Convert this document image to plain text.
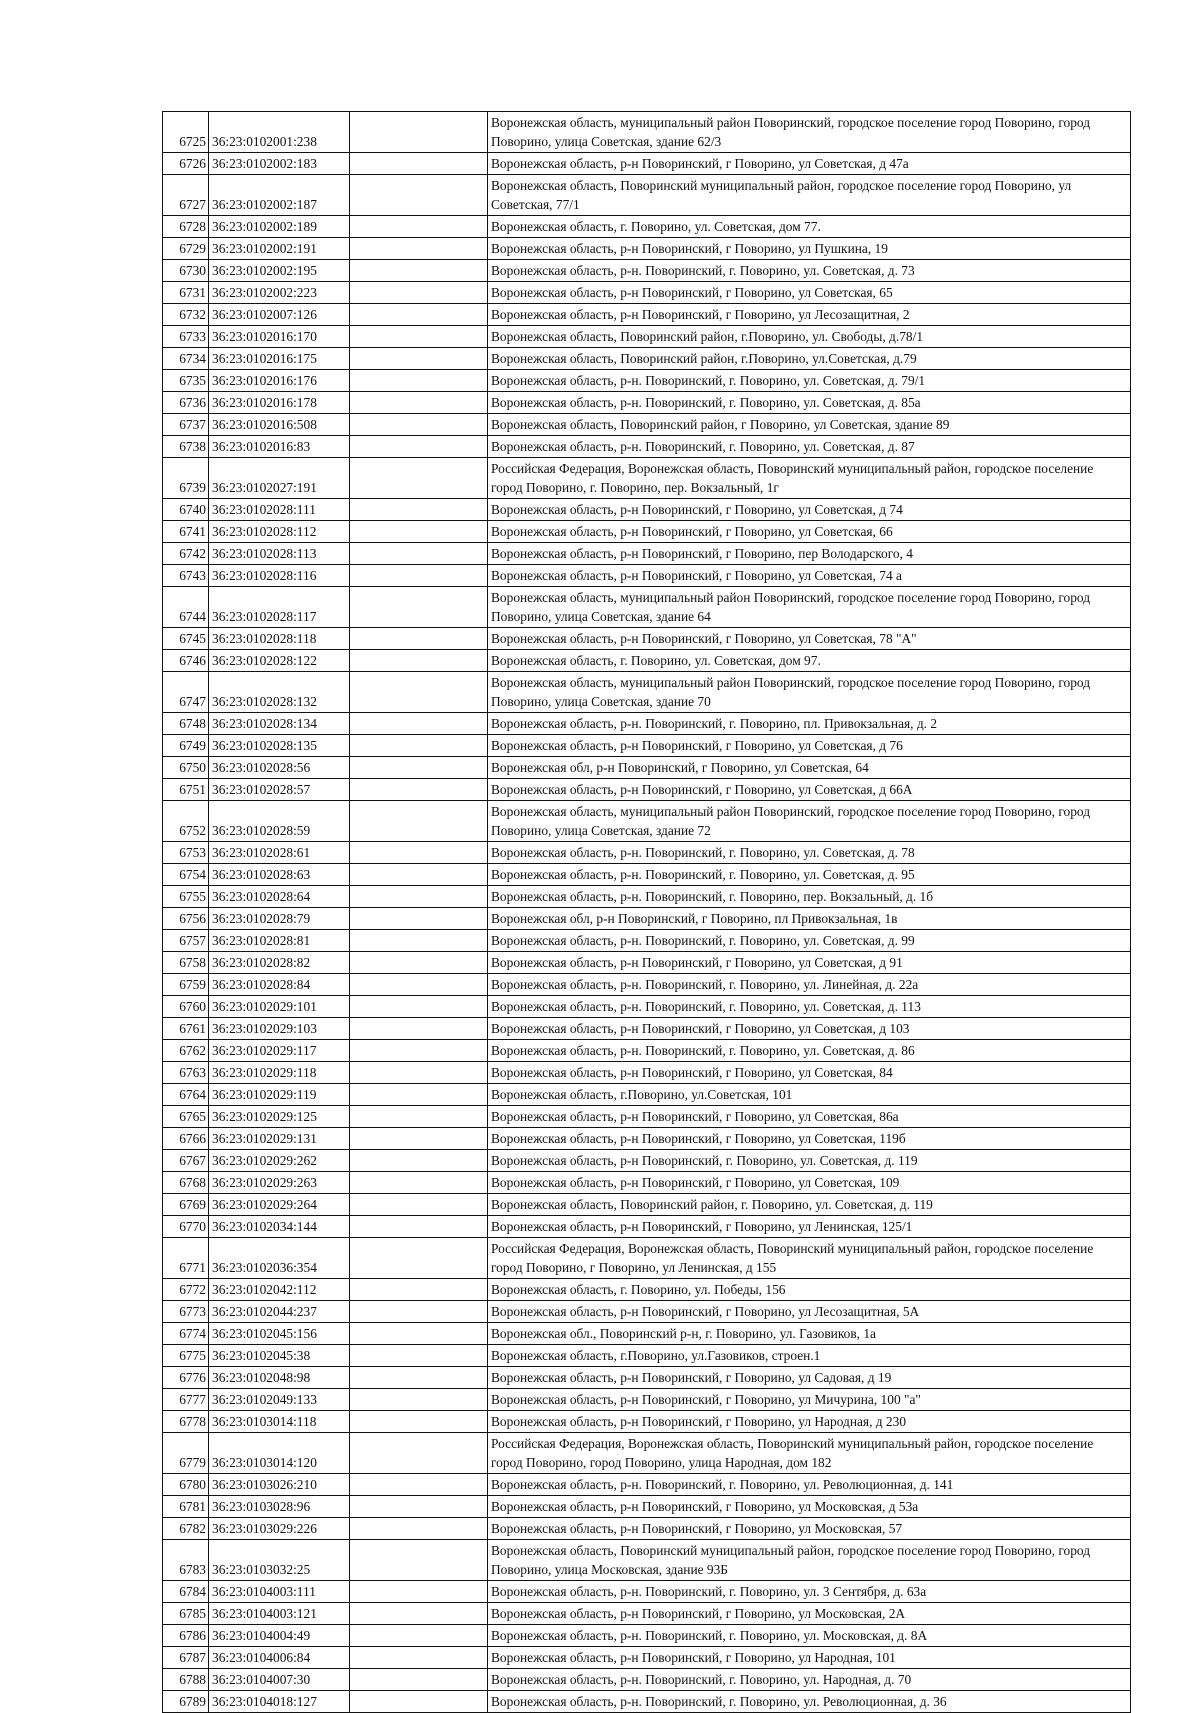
6725	36:23:0102001:238		Воронежская область, муниципальный район Поворинский, городское поселение город Поворино, город Поворино, улица Советская, здание 62/3
6726	36:23:0102002:183		Воронежская область, р-н Поворинский, г Поворино, ул Советская, д 47а
6727	36:23:0102002:187		Воронежская область, Поворинский муниципальный район, городское поселение город Поворино, ул Советская, 77/1
6728	36:23:0102002:189		Воронежская область, г. Поворино, ул. Советская, дом 77.
6729	36:23:0102002:191		Воронежская область, р-н Поворинский, г Поворино, ул Пушкина, 19
6730	36:23:0102002:195		Воронежская область, р-н. Поворинский, г. Поворино, ул. Советская, д. 73
6731	36:23:0102002:223		Воронежская область, р-н Поворинский, г Поворино, ул Советская, 65
6732	36:23:0102007:126		Воронежская область, р-н Поворинский, г Поворино, ул Лесозащитная, 2
6733	36:23:0102016:170		Воронежская область, Поворинский район, г.Поворино, ул. Свободы, д.78/1
6734	36:23:0102016:175		Воронежская область, Поворинский район, г.Поворино, ул.Советская, д.79
6735	36:23:0102016:176		Воронежская область, р-н. Поворинский, г. Поворино, ул. Советская, д. 79/1
6736	36:23:0102016:178		Воронежская область, р-н. Поворинский, г. Поворино, ул. Советская, д. 85а
6737	36:23:0102016:508		Воронежская область, Поворинский район, г Поворино, ул Советская, здание 89
6738	36:23:0102016:83		Воронежская область, р-н. Поворинский, г. Поворино, ул. Советская, д. 87
6739	36:23:0102027:191		Российская Федерация, Воронежская область, Поворинский муниципальный район, городское поселение город Поворино, г. Поворино, пер. Вокзальный, 1г
6740	36:23:0102028:111		Воронежская область, р-н Поворинский, г Поворино, ул Советская, д 74
6741	36:23:0102028:112		Воронежская область, р-н Поворинский, г Поворино, ул Советская, 66
6742	36:23:0102028:113		Воронежская область, р-н Поворинский, г Поворино, пер Володарского, 4
6743	36:23:0102028:116		Воронежская область, р-н Поворинский, г Поворино, ул Советская, 74 а
6744	36:23:0102028:117		Воронежская область, муниципальный район Поворинский, городское поселение город Поворино, город Поворино, улица Советская, здание 64
6745	36:23:0102028:118		Воронежская область, р-н Поворинский, г Поворино, ул Советская, 78 "А"
6746	36:23:0102028:122		Воронежская область, г. Поворино, ул. Советская, дом 97.
6747	36:23:0102028:132		Воронежская область, муниципальный район Поворинский, городское поселение город Поворино, город Поворино, улица Советская, здание 70
6748	36:23:0102028:134		Воронежская область, р-н. Поворинский, г. Поворино, пл. Привокзальная, д. 2
6749	36:23:0102028:135		Воронежская область, р-н Поворинский, г Поворино, ул Советская, д 76
6750	36:23:0102028:56		Воронежская обл, р-н Поворинский, г Поворино, ул Советская, 64
6751	36:23:0102028:57		Воронежская область, р-н Поворинский, г Поворино, ул Советская, д 66А
6752	36:23:0102028:59		Воронежская область, муниципальный район Поворинский, городское поселение город Поворино, город Поворино, улица Советская, здание 72
6753	36:23:0102028:61		Воронежская область, р-н. Поворинский, г. Поворино, ул. Советская, д. 78
6754	36:23:0102028:63		Воронежская область, р-н. Поворинский, г. Поворино, ул. Советская, д. 95
6755	36:23:0102028:64		Воронежская область, р-н. Поворинский, г. Поворино, пер. Вокзальный, д. 1б
6756	36:23:0102028:79		Воронежская обл, р-н Поворинский, г Поворино, пл Привокзальная, 1в
6757	36:23:0102028:81		Воронежская область, р-н. Поворинский, г. Поворино, ул. Советская, д. 99
6758	36:23:0102028:82		Воронежская область, р-н Поворинский, г Поворино, ул Советская, д 91
6759	36:23:0102028:84		Воронежская область, р-н. Поворинский, г. Поворино, ул. Линейная, д. 22а
6760	36:23:0102029:101		Воронежская область, р-н. Поворинский, г. Поворино, ул. Советская, д. 113
6761	36:23:0102029:103		Воронежская область, р-н Поворинский, г Поворино, ул Советская, д 103
6762	36:23:0102029:117		Воронежская область, р-н. Поворинский, г. Поворино, ул. Советская, д. 86
6763	36:23:0102029:118		Воронежская область, р-н Поворинский, г Поворино, ул Советская, 84
6764	36:23:0102029:119		Воронежская область, г.Поворино, ул.Советская, 101
6765	36:23:0102029:125		Воронежская область, р-н Поворинский, г Поворино, ул Советская, 86а
6766	36:23:0102029:131		Воронежская область, р-н Поворинский, г Поворино, ул Советская, 119б
6767	36:23:0102029:262		Воронежская область, р-н Поворинский, г. Поворино, ул. Советская, д. 119
6768	36:23:0102029:263		Воронежская область, р-н Поворинский, г Поворино, ул Советская, 109
6769	36:23:0102029:264		Воронежская область, Поворинский район, г. Поворино, ул. Советская, д. 119
6770	36:23:0102034:144		Воронежская область, р-н Поворинский, г Поворино, ул Ленинская, 125/1
6771	36:23:0102036:354		Российская Федерация, Воронежская область, Поворинский муниципальный район, городское поселение город Поворино, г Поворино, ул Ленинская, д 155
6772	36:23:0102042:112		Воронежская область, г. Поворино, ул. Победы, 156
6773	36:23:0102044:237		Воронежская область, р-н Поворинский, г Поворино, ул Лесозащитная, 5А
6774	36:23:0102045:156		Воронежская обл., Поворинский р-н, г. Поворино, ул. Газовиков, 1а
6775	36:23:0102045:38		Воронежская область, г.Поворино, ул.Газовиков, строен.1
6776	36:23:0102048:98		Воронежская область, р-н Поворинский, г Поворино, ул Садовая, д 19
6777	36:23:0102049:133		Воронежская область, р-н Поворинский, г Поворино, ул Мичурина, 100 "а"
6778	36:23:0103014:118		Воронежская область, р-н Поворинский, г Поворино, ул Народная, д 230
6779	36:23:0103014:120		Российская Федерация, Воронежская область, Поворинский муниципальный район, городское поселение город Поворино, город Поворино, улица Народная, дом 182
6780	36:23:0103026:210		Воронежская область, р-н. Поворинский, г. Поворино, ул. Революционная, д. 141
6781	36:23:0103028:96		Воронежская область, р-н Поворинский, г Поворино, ул Московская, д 53а
6782	36:23:0103029:226		Воронежская область, р-н Поворинский, г Поворино, ул Московская, 57
6783	36:23:0103032:25		Воронежская область, Поворинский муниципальный район, городское поселение город Поворино, город Поворино, улица Московская, здание 93Б
6784	36:23:0104003:111		Воронежская область, р-н. Поворинский, г. Поворино, ул. 3 Сентября, д. 63а
6785	36:23:0104003:121		Воронежская область, р-н Поворинский, г Поворино, ул Московская, 2А
6786	36:23:0104004:49		Воронежская область, р-н. Поворинский, г. Поворино, ул. Московская, д. 8А
6787	36:23:0104006:84		Воронежская область, р-н Поворинский, г Поворино, ул Народная, 101
6788	36:23:0104007:30		Воронежская область, р-н. Поворинский, г. Поворино, ул. Народная, д. 70
6789	36:23:0104018:127		Воронежская область, р-н. Поворинский, г. Поворино, ул. Революционная, д. 36
